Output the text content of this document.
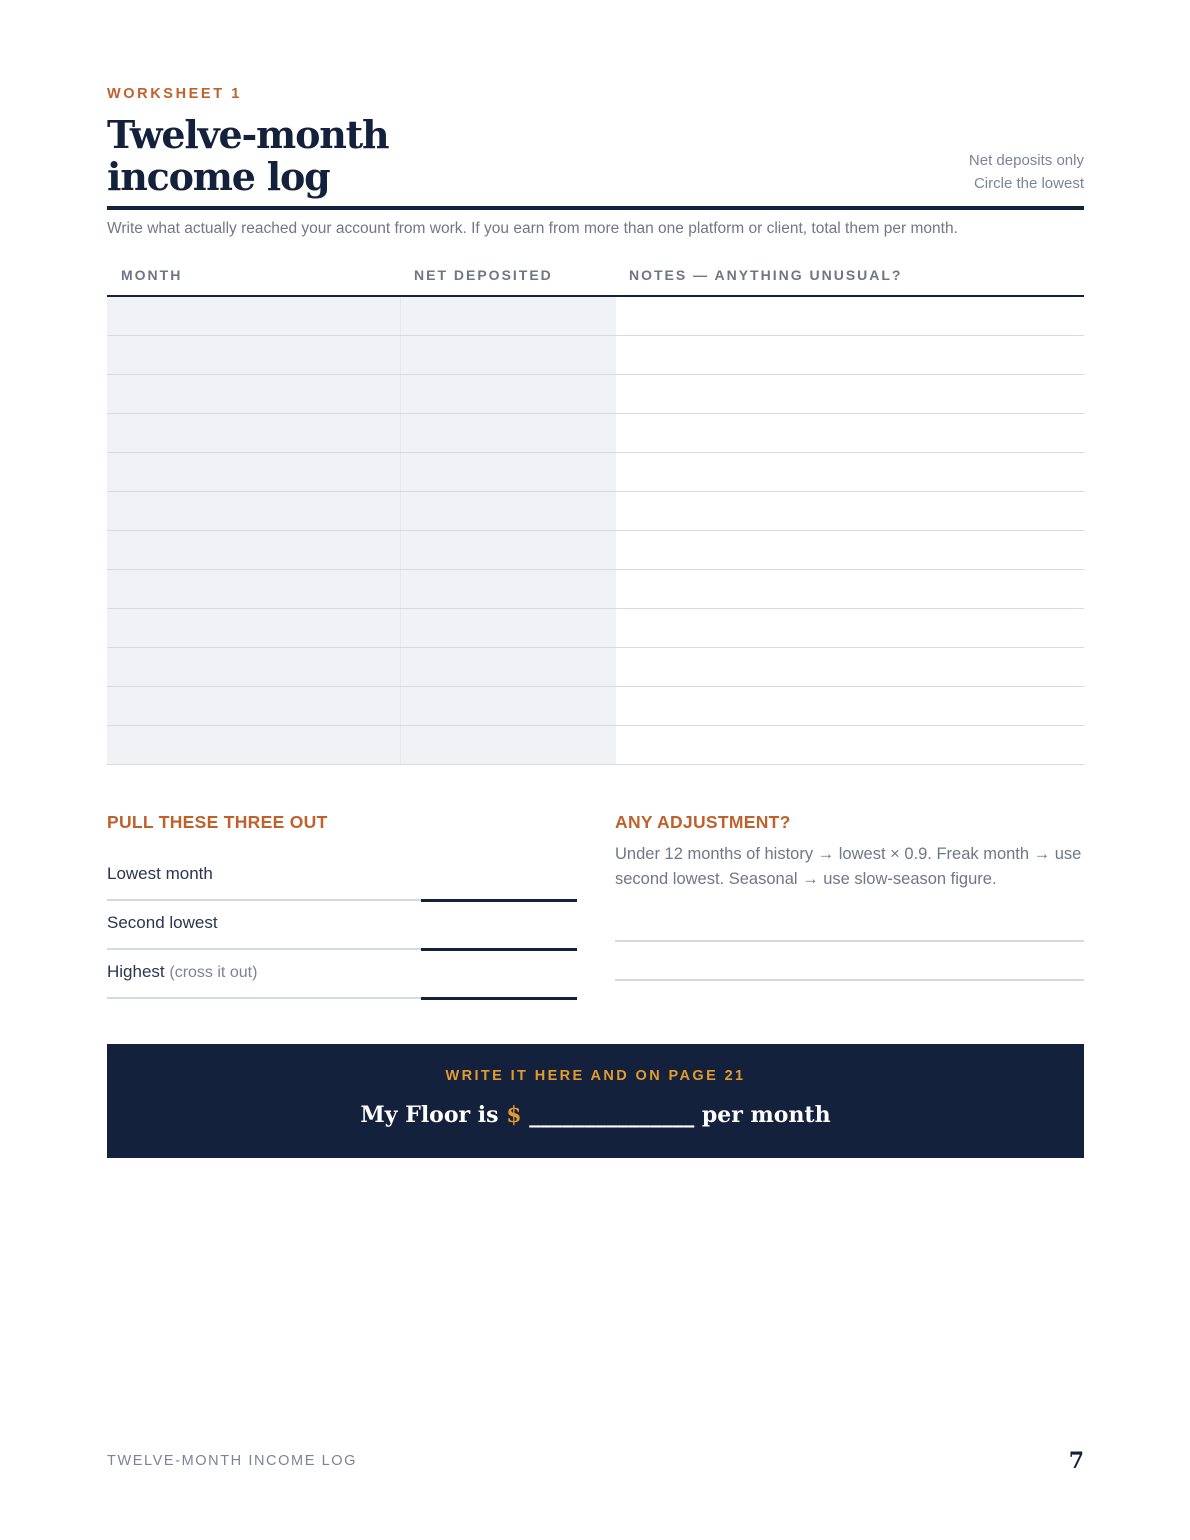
WORKSHEET 1
Twelve-month income log	Net deposits only
Circle the lowest
Write what actually reached your account from work. If you earn from more than one platform or client, total them per month.
MONTH	NET DEPOSITED	NOTES — ANYTHING UNUSUAL?
PULL THESE THREE OUT
Lowest month
Second lowest
Highest (cross it out)
ANY ADJUSTMENT?
Under 12 months of history → lowest × 0.9. Freak month → use second lowest. Seasonal → use slow-season figure.
WRITE IT HERE AND ON PAGE 21
My Floor is $ _______________ per month
TWELVE-MONTH INCOME LOG	7
